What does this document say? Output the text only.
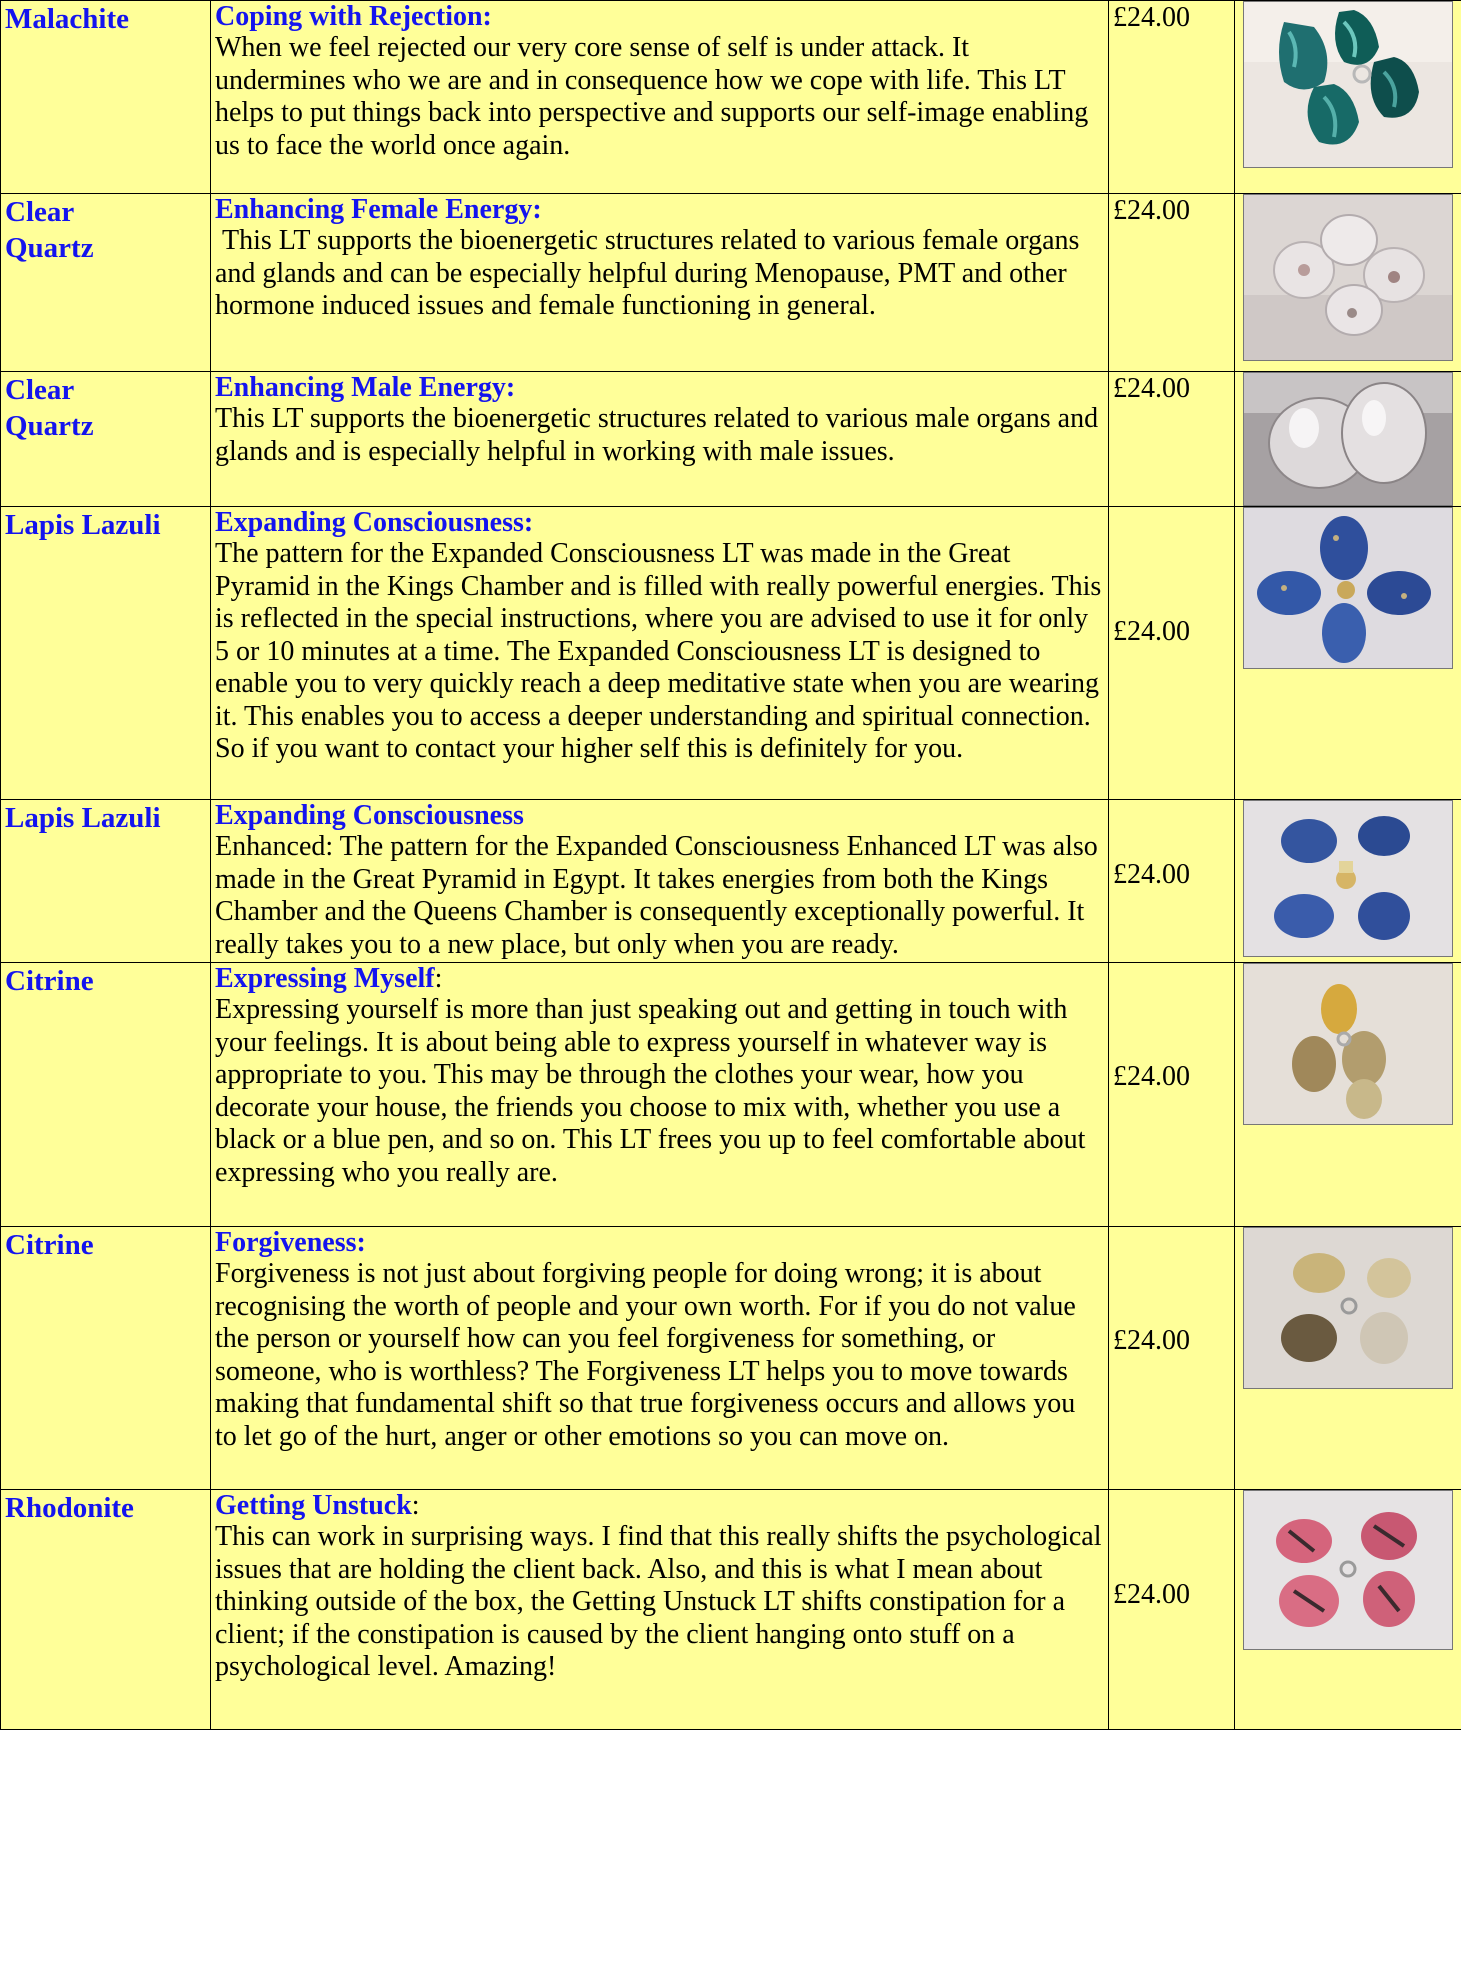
Malachite	Coping with Rejection:

When we feel rejected our very core sense of self is under attack. It undermines who we are and in consequence how we cope with life. This LT helps to put things back into perspective and supports our self-image enabling us to face the world once again.	£24.00	

Clear Quartz	Enhancing Female Energy:

This LT supports the bioenergetic structures related to various female organs and glands and can be especially helpful during Menopause, PMT and other hormone induced issues and female functioning in general.	£24.00	

Clear Quartz	Enhancing Male Energy:

This LT supports the bioenergetic structures related to various male organs and glands and is especially helpful in working with male issues.	£24.00	

Lapis Lazuli	Expanding Consciousness:

The pattern for the Expanded Consciousness LT was made in the Great Pyramid in the Kings Chamber and is filled with really powerful energies. This is reflected in the special instructions, where you are advised to use it for only 5 or 10 minutes at a time. The Expanded Consciousness LT is designed to enable you to very quickly reach a deep meditative state when you are wearing it. This enables you to access a deeper understanding and spiritual connection. So if you want to contact your higher self this is definitely for you.	£24.00	

Lapis Lazuli	Expanding Consciousness

Enhanced: The pattern for the Expanded Consciousness Enhanced LT was also made in the Great Pyramid in Egypt. It takes energies from both the Kings Chamber and the Queens Chamber is consequently exceptionally powerful. It really takes you to a new place, but only when you are ready.	£24.00	

Citrine	Expressing Myself:

Expressing yourself is more than just speaking out and getting in touch with your feelings. It is about being able to express yourself in whatever way is appropriate to you. This may be through the clothes your wear, how you decorate your house, the friends you choose to mix with, whether you use a black or a blue pen, and so on. This LT frees you up to feel comfortable about expressing who you really are.	£24.00	

Citrine	Forgiveness:

Forgiveness is not just about forgiving people for doing wrong; it is about recognising the worth of people and your own worth. For if you do not value the person or yourself how can you feel forgiveness for something, or someone, who is worthless? The Forgiveness LT helps you to move towards making that fundamental shift so that true forgiveness occurs and allows you to let go of the hurt, anger or other emotions so you can move on.	£24.00	

Rhodonite	Getting Unstuck:

This can work in surprising ways. I find that this really shifts the psychological issues that are holding the client back. Also, and this is what I mean about thinking outside of the box, the Getting Unstuck LT shifts constipation for a client; if the constipation is caused by the client hanging onto stuff on a psychological level. Amazing!	£24.00	
